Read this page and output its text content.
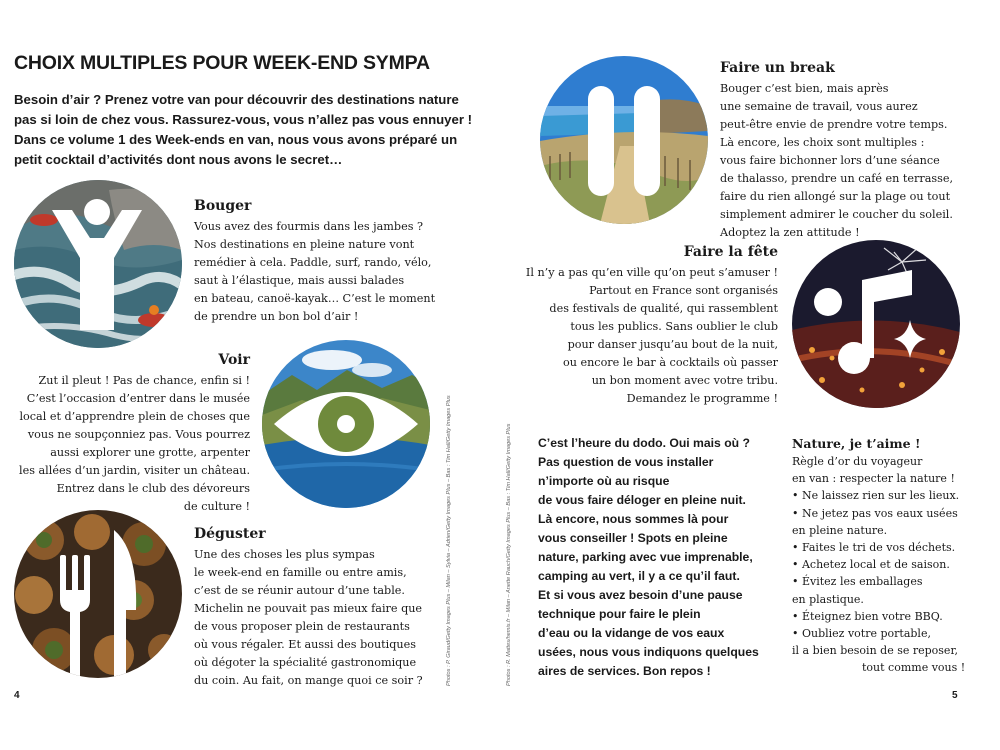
CHOIX MULTIPLES POUR WEEK-END SYMPA
Besoin d’air ? Prenez votre van pour découvrir des destinations nature pas si loin de chez vous. Rassurez-vous, vous n’allez pas vous ennuyer ! Dans ce volume 1 des Week-ends en van, nous vous avons préparé un petit cocktail d’activités dont nous avons le secret…
Bouger

Vous avez des fourmis dans les jambes ?

Nos destinations en pleine nature vont

remédier à cela. Paddle, surf, rando, vélo,

saut à l’élastique, mais aussi balades

en bateau, canoë-kayak… C’est le moment

de prendre un bon bol d’air !

Voir

Zut il pleut ! Pas de chance, enfin si !

C’est l’occasion d’entrer dans le musée

local et d’apprendre plein de choses que

vous ne soupçonniez pas. Vous pourrez

aussi explorer une grotte, arpenter

les allées d’un jardin, visiter un château.

Entrez dans le club des dévoreurs

de culture !

Déguster

Une des choses les plus sympas

le week-end en famille ou entre amis,

c’est de se réunir autour d’une table.

Michelin ne pouvait pas mieux faire que

de vous proposer plein de restaurants

où vous régaler. Et aussi des boutiques

où dégoter la spécialité gastronomique

du coin. Au fait, on mange quoi ce soir ?	Photos : P. Giraud/Getty Images Plus – Milan – Sylvia – Adrien/Getty Images Plus – Bas : Tim Hall/Getty Images Plus
4
Faire un break

Bouger c’est bien, mais après

une semaine de travail, vous aurez

peut-être envie de prendre votre temps.

Là encore, les choix sont multiples :

vous faire bichonner lors d’une séance

de thalasso, prendre un café en terrasse,

faire du rien allongé sur la plage ou tout

simplement admirer le coucher du soleil.

Adoptez la zen attitude !

Faire la fête

Il n’y a pas qu’en ville qu’on peut s’amuser !

Partout en France sont organisés

des festivals de qualité, qui rassemblent

tous les publics. Sans oublier le club

pour danser jusqu’au bout de la nuit,

ou encore le bar à cocktails où passer

un bon moment avec votre tribu.

Demandez le programme !

C’est l’heure du dodo. Oui mais où ?
Pas question de vous installer
n’importe où au risque
de vous faire déloger en pleine nuit.
Là encore, nous sommes là pour
vous conseiller ! Spots en pleine
nature, parking avec vue imprenable,
camping au vert, il y a ce qu’il faut.
Et si vous avez besoin d’une pause
technique pour faire le plein
d’eau ou la vidange de vos eaux
usées, nous vous indiquons quelques
aires de services. Bon repos !
Nature, je t’aime !

Règle d’or du voyageur

en van : respecter la nature !

• Ne laissez rien sur les lieux.
• Ne jetez pas vos eaux usées
en pleine nature.
• Faites le tri de vos déchets.
• Achetez local et de saison.
• Évitez les emballages
en plastique.
• Éteignez bien votre BBQ.
• Oubliez votre portable,
il a bien besoin de se reposer,
tout comme vous !
Photos : R. Mattes/hemis.fr – Milan – Anette Rauch/Getty Images Plus – Bas : Tim Hall/Getty Images Plus
5
